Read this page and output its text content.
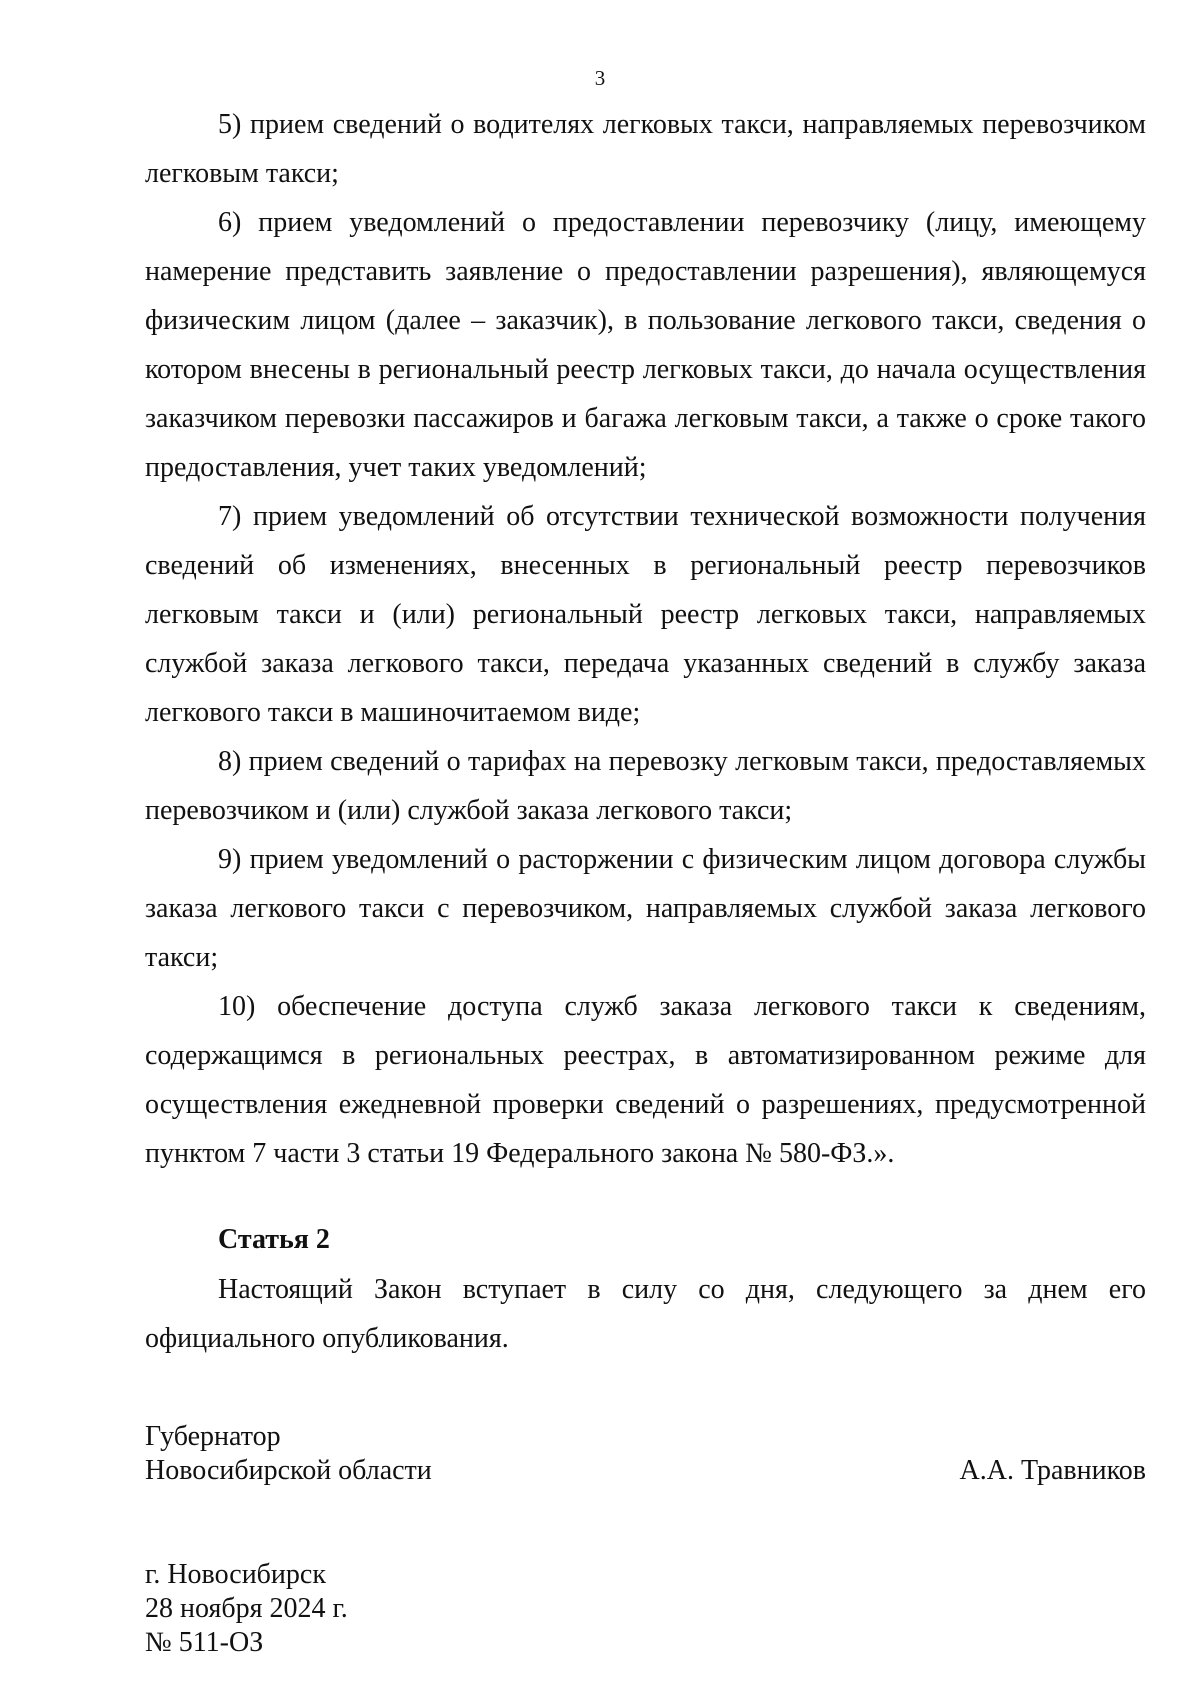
3

5) прием сведений о водителях легковых такси, направляемых перевозчиком легковым такси;

6) прием уведомлений о предоставлении перевозчику (лицу, имеющему намерение представить заявление о предоставлении разрешения), являющемуся физическим лицом (далее – заказчик), в пользование легкового такси, сведения о котором внесены в региональный реестр легковых такси, до начала осуществления заказчиком перевозки пассажиров и багажа легковым такси, а также о сроке такого предоставления, учет таких уведомлений;

7) прием уведомлений об отсутствии технической возможности получения сведений об изменениях, внесенных в региональный реестр перевозчиков легковым такси и (или) региональный реестр легковых такси, направляемых службой заказа легкового такси, передача указанных сведений в службу заказа легкового такси в машиночитаемом виде;

8) прием сведений о тарифах на перевозку легковым такси, предоставляемых перевозчиком и (или) службой заказа легкового такси;

9) прием уведомлений о расторжении с физическим лицом договора службы заказа легкового такси с перевозчиком, направляемых службой заказа легкового такси;

10) обеспечение доступа служб заказа легкового такси к сведениям, содержащимся в региональных реестрах, в автоматизированном режиме для осуществления ежедневной проверки сведений о разрешениях, предусмотренной пунктом 7 части 3 статьи 19 Федерального закона № 580-ФЗ.».

Статья 2

Настоящий Закон вступает в силу со дня, следующего за днем его официального опубликования.

Губернатор
Новосибирской области	А.А. Травников
г. Новосибирск
28 ноября 2024 г.
№ 511-ОЗ
